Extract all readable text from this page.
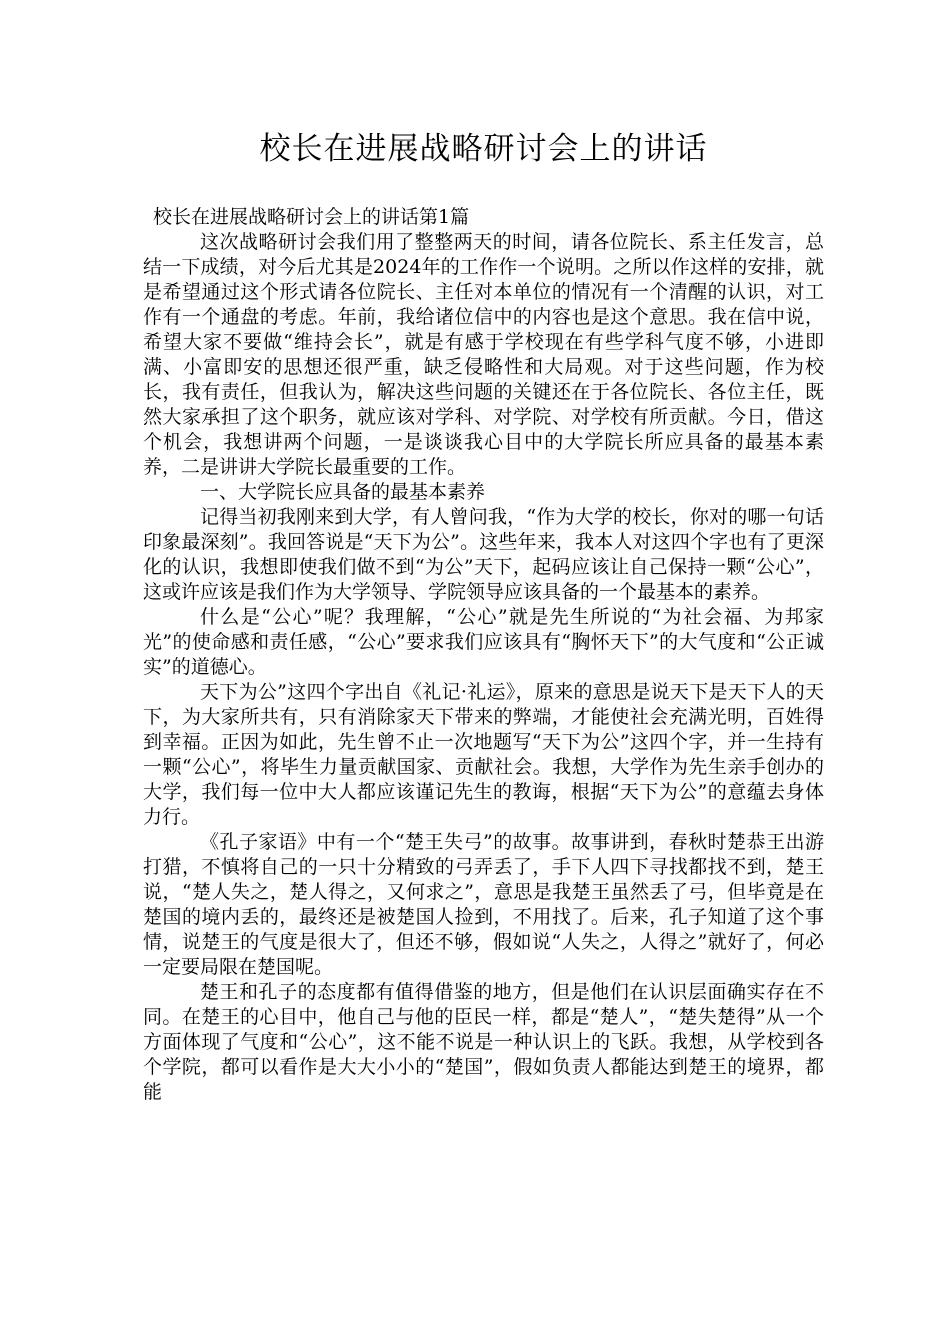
校长在进展战略研讨会上的讲话

校长在进展战略研讨会上的讲话第1篇

这次战略研讨会我们用了整整两天的时间，请各位院长、系主任发言，总结一下成绩，对今后尤其是2024年的工作作一个说明。之所以作这样的安排，就是希望通过这个形式请各位院长、主任对本单位的情况有一个清醒的认识，对工作有一个通盘的考虑。年前，我给诸位信中的内容也是这个意思。我在信中说，希望大家不要做“维持会长”，就是有感于学校现在有些学科气度不够，小进即满、小富即安的思想还很严重，缺乏侵略性和大局观。对于这些问题，作为校长，我有责任，但我认为，解决这些问题的关键还在于各位院长、各位主任，既然大家承担了这个职务，就应该对学科、对学院、对学校有所贡献。今日，借这个机会，我想讲两个问题，一是谈谈我心目中的大学院长所应具备的最基本素养，二是讲讲大学院长最重要的工作。

一、大学院长应具备的最基本素养

记得当初我刚来到大学，有人曾问我，“作为大学的校长，你对的哪一句话印象最深刻”。我回答说是“天下为公”。这些年来，我本人对这四个字也有了更深化的认识，我想即使我们做不到“为公”天下，起码应该让自己保持一颗“公心”，这或许应该是我们作为大学领导、学院领导应该具备的一个最基本的素养。

什么是“公心”呢？我理解，“公心”就是先生所说的“为社会福、为邦家光”的使命感和责任感，“公心”要求我们应该具有“胸怀天下”的大气度和“公正诚实”的道德心。

天下为公”这四个字出自《礼记·礼运》，原来的意思是说天下是天下人的天下，为大家所共有，只有消除家天下带来的弊端，才能使社会充满光明，百姓得到幸福。正因为如此，先生曾不止一次地题写“天下为公”这四个字，并一生持有一颗“公心”，将毕生力量贡献国家、贡献社会。我想，大学作为先生亲手创办的大学，我们每一位中大人都应该谨记先生的教诲，根据“天下为公”的意蕴去身体力行。

《孔子家语》中有一个“楚王失弓”的故事。故事讲到，春秋时楚恭王出游打猎，不慎将自己的一只十分精致的弓弄丢了，手下人四下寻找都找不到，楚王说，“楚人失之，楚人得之，又何求之”，意思是我楚王虽然丢了弓，但毕竟是在楚国的境内丢的，最终还是被楚国人捡到，不用找了。后来，孔子知道了这个事情，说楚王的气度是很大了，但还不够，假如说“人失之，人得之”就好了，何必一定要局限在楚国呢。

楚王和孔子的态度都有值得借鉴的地方，但是他们在认识层面确实存在不同。在楚王的心目中，他自己与他的臣民一样，都是“楚人”，“楚失楚得”从一个方面体现了气度和“公心”，这不能不说是一种认识上的飞跃。我想，从学校到各个学院，都可以看作是大大小小的“楚国”，假如负责人都能达到楚王的境界，都能
